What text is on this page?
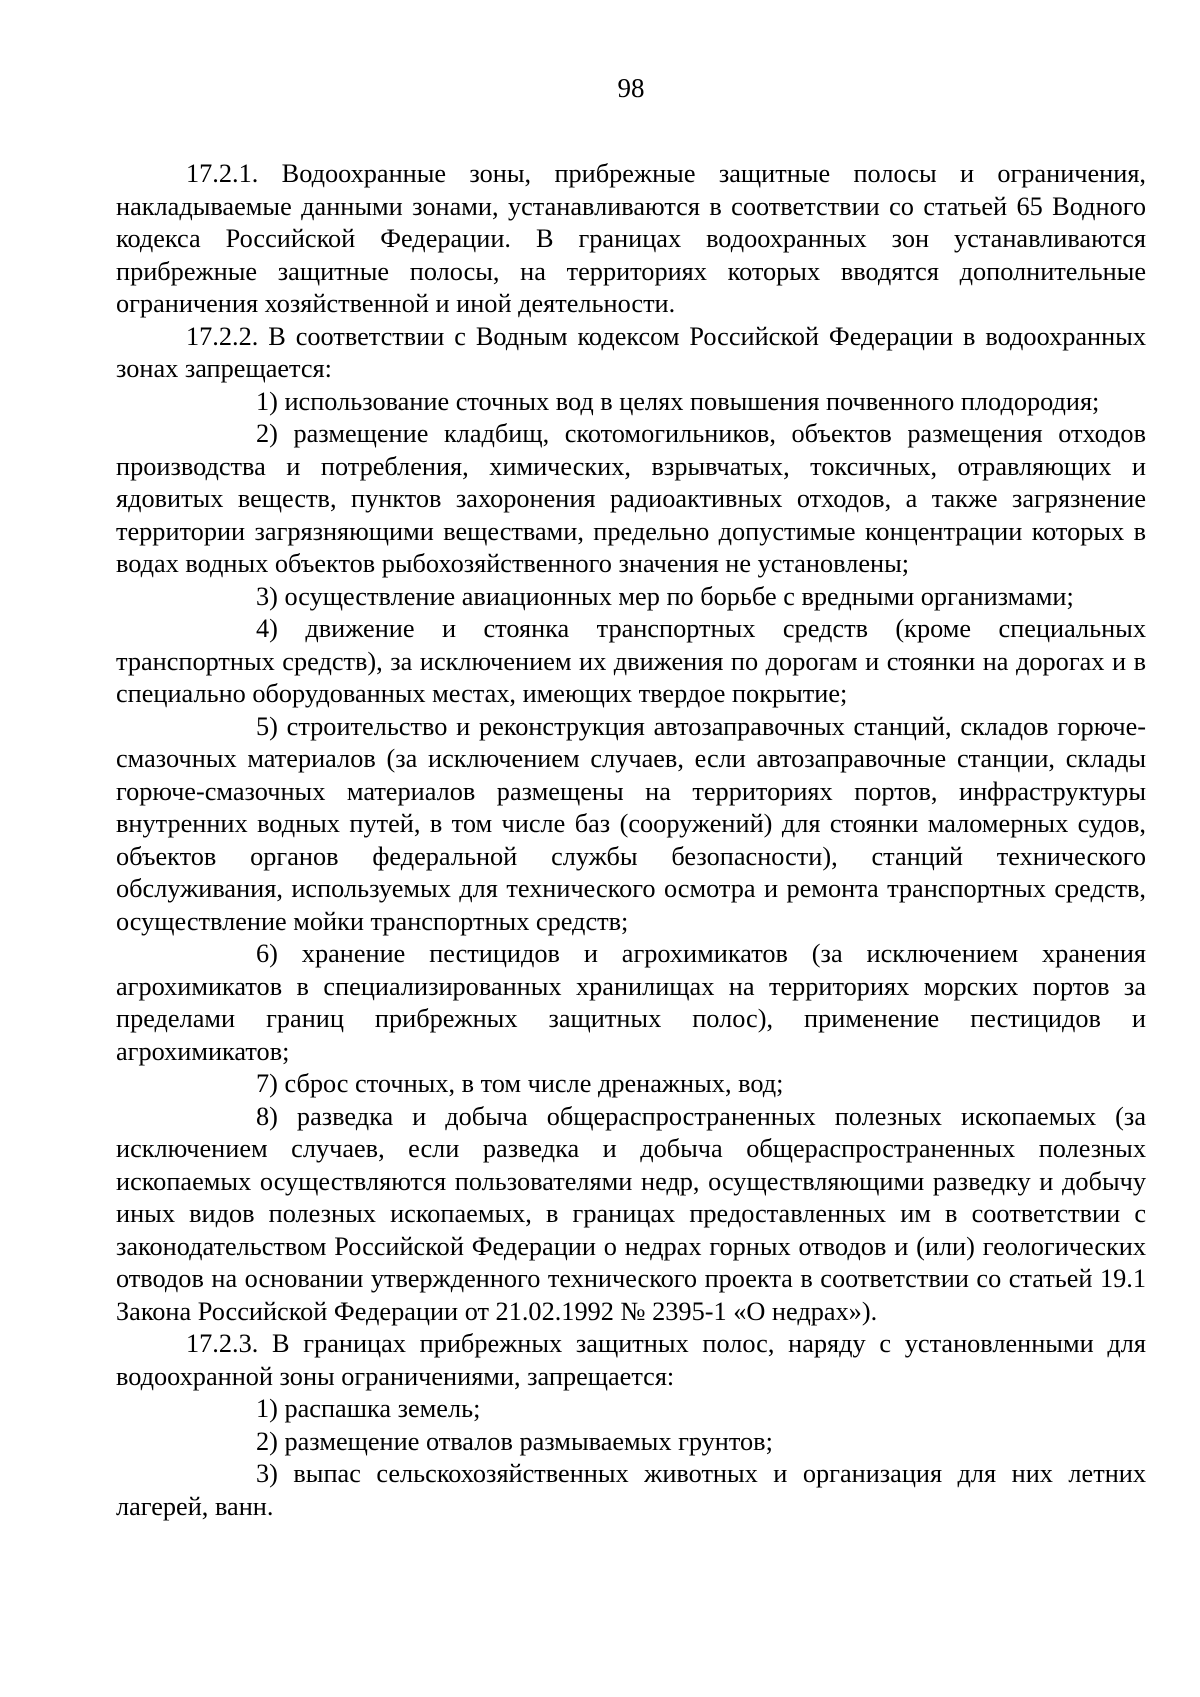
98

17.2.1. Водоохранные зоны, прибрежные защитные полосы и ограничения, накладываемые данными зонами, устанавливаются в соответствии со статьей 65 Водного кодекса Российской Федерации. В границах водоохранных зон устанавливаются прибрежные защитные полосы, на территориях которых вводятся дополнительные ограничения хозяйственной и иной деятельности.

17.2.2. В соответствии с Водным кодексом Российской Федерации в водоохранных зонах запрещается:

1) использование сточных вод в целях повышения почвенного плодородия;

2) размещение кладбищ, скотомогильников, объектов размещения отходов производства и потребления, химических, взрывчатых, токсичных, отравляющих и ядовитых веществ, пунктов захоронения радиоактивных отходов, а также загрязнение территории загрязняющими веществами, предельно допустимые концентрации которых в водах водных объектов рыбохозяйственного значения не установлены;

3) осуществление авиационных мер по борьбе с вредными организмами;

4) движение и стоянка транспортных средств (кроме специальных транспортных средств), за исключением их движения по дорогам и стоянки на дорогах и в специально оборудованных местах, имеющих твердое покрытие;

5) строительство и реконструкция автозаправочных станций, складов горюче-смазочных материалов (за исключением случаев, если автозаправочные станции, склады горюче-смазочных материалов размещены на территориях портов, инфраструктуры внутренних водных путей, в том числе баз (сооружений) для стоянки маломерных судов, объектов органов федеральной службы безопасности), станций технического обслуживания, используемых для технического осмотра и ремонта транспортных средств, осуществление мойки транспортных средств;

6) хранение пестицидов и агрохимикатов (за исключением хранения агрохимикатов в специализированных хранилищах на территориях морских портов за пределами границ прибрежных защитных полос), применение пестицидов и агрохимикатов;

7) сброс сточных, в том числе дренажных, вод;

8) разведка и добыча общераспространенных полезных ископаемых (за исключением случаев, если разведка и добыча общераспространенных полезных ископаемых осуществляются пользователями недр, осуществляющими разведку и добычу иных видов полезных ископаемых, в границах предоставленных им в соответствии с законодательством Российской Федерации о недрах горных отводов и (или) геологических отводов на основании утвержденного технического проекта в соответствии со статьей 19.1 Закона Российской Федерации от 21.02.1992 № 2395-1 «О недрах»).

17.2.3. В границах прибрежных защитных полос, наряду с установленными для водоохранной зоны ограничениями, запрещается:

1) распашка земель;

2) размещение отвалов размываемых грунтов;

3) выпас сельскохозяйственных животных и организация для них летних лагерей, ванн.
